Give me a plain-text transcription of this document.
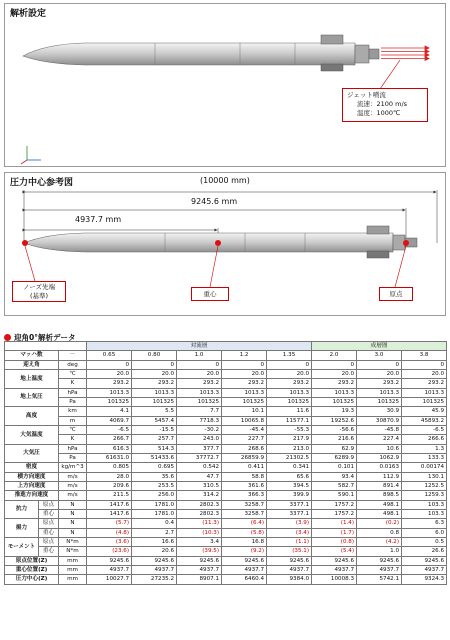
解析設定
ジェット噴流
流速：2100 m/s
温度：1000℃
圧力中心参考図	(10000 mm)
9245.6 mm
4937.7 mm
ノーズ先端
(基準)	重心	原点
迎角0°解析データ
			対流層					成層圏		
マッハ数		－	0.65	0.80	1.0	1.2	1.35	2.0	3.0	3.8
迎え角		deg	0	0	0	0	0	0	0	0
地上温度		℃	20.0	20.0	20.0	20.0	20.0	20.0	20.0	20.0
		K	293.2	293.2	293.2	293.2	293.2	293.2	293.2	293.2
地上気圧		hPa	1013.3	1013.3	1013.3	1013.3	1013.3	1013.3	1013.3	1013.3
		Pa	101325	101325	101325	101325	101325	101325	101325	101325
高度		km	4.1	5.5	7.7	10.1	11.6	19.3	30.9	45.9
		m	4069.7	5457.4	7718.3	10065.8	11577.1	19252.6	30870.9	45893.2
大気温度		℃	-6.5	-15.5	-30.2	-45.4	-55.3	-56.6	-45.8	-6.5
		K	266.7	257.7	243.0	227.7	217.9	216.6	227.4	266.6
大気圧		hPa	616.3	514.3	377.7	268.6	213.0	62.9	10.6	1.3
		Pa	61631.0	51433.6	37772.7	26859.9	21302.5	6289.9	1062.9	133.3
密度		kg/m^3	0.805	0.695	0.542	0.411	0.341	0.101	0.0163	0.00174
横方向速度		m/s	28.0	35.6	47.7	58.8	65.6	93.4	112.9	130.1
上方向速度		m/s	209.6	253.5	310.5	361.6	394.5	582.7	891.4	1252.5
推進方向速度		m/s	211.5	256.0	314.2	366.3	399.9	590.1	898.5	1259.3
抗力	原点	N	1417.6	1781.0	2802.3	3258.7	3377.1	1757.2	498.1	103.3
	重心	N	1417.6	1781.0	2802.3	3258.7	3377.1	1757.2	498.1	103.3
揚力	原点	N	(5.7)	0.4	(11.3)	(6.4)	(3.9)	(1.4)	(0.2)	6.3
	重心	N	(4.8)	2.7	(10.3)	(5.8)	(3.4)	(1.7)	0.8	6.0
モーメント	原点	N*m	(3.6)	16.6	3.4	16.8	(1.1)	(0.8)	(4.2)	0.5
	重心	N*m	(23.6)	20.6	(39.5)	(9.2)	(35.1)	(5.4)	1.0	26.6
原点位置(Z)		mm	9245.6	9245.6	9245.6	9245.6	9245.6	9245.6	9245.6	9245.6
重心位置(Z)		mm	4937.7	4937.7	4937.7	4937.7	4937.7	4937.7	4937.7	4937.7
圧力中心(Z)		mm	10027.7	27235.2	8907.1	6460.4	9384.0	10008.3	5742.1	9324.3
